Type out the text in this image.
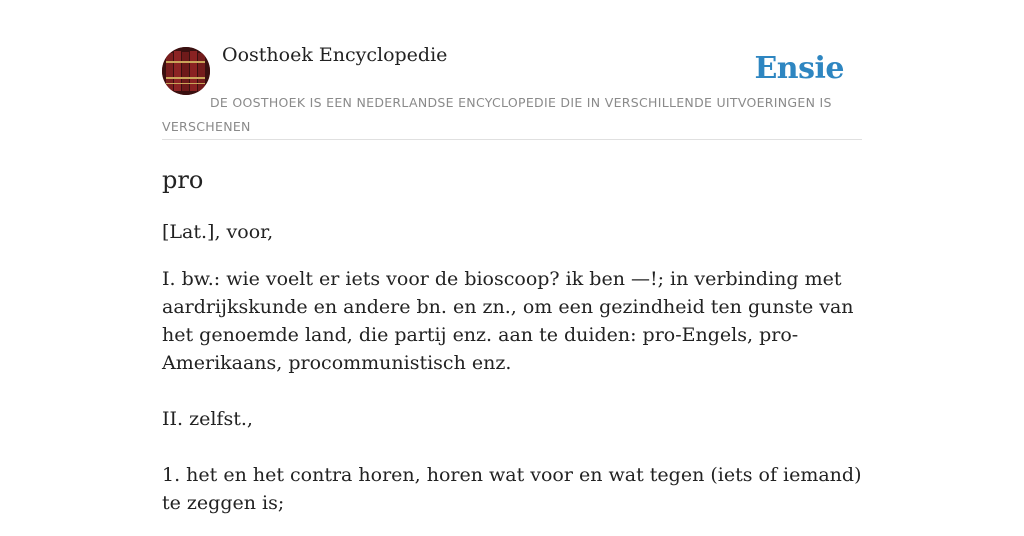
Oosthoek Encyclopedie	Ensie

DE OOSTHOEK IS EEN NEDERLANDSE ENCYCLOPEDIE DIE IN VERSCHILLENDE UITVOERINGEN IS VERSCHENEN

pro

[Lat.], voor,

I. bw.: wie voelt er iets voor de bioscoop? ik ben —!; in verbinding met aardrijkskunde en andere bn. en zn., om een gezindheid ten gunste van het genoemde land, die partij enz. aan te duiden: pro-Engels, pro-Amerikaans, procommunistisch enz.

II. zelfst.,

1. het en het contra horen, horen wat voor en wat tegen (iets of iemand) te zeggen is;
